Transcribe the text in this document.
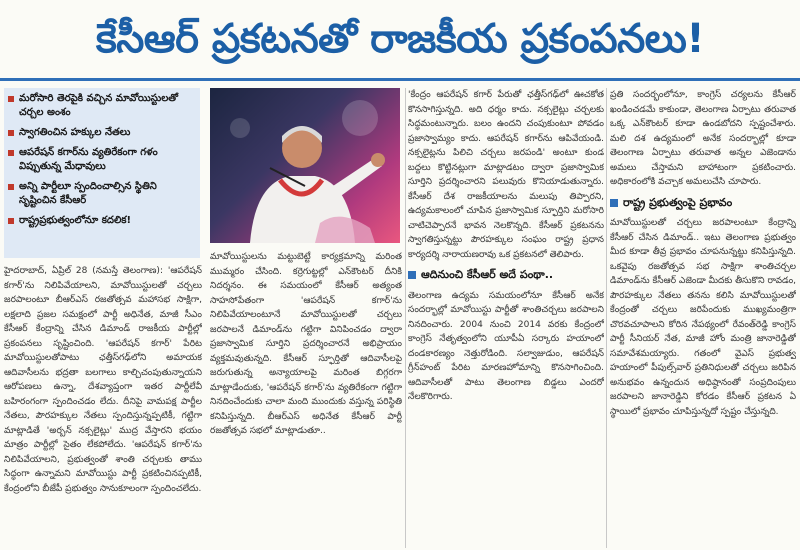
కేసీఆర్ ప్రకటనతో రాజకీయ ప్రకంపనలు!
మరోసారి తెరపైకి వచ్చిన మావోయిస్టులతో చర్చల అంశం
స్వాగతించిన హక్కుల నేతలు
ఆపరేషన్ కగార్‌ను వ్యతిరేకంగా గళం విప్పుతున్న మేధావులు
అన్ని పార్టీలూ స్పందించాల్సిన స్థితిని సృష్టించిన కేసీఆర్
రాష్ట్రప్రభుత్వంలోనూ కదలిక!

హైదరాబాద్, ఏప్రిల్ 28 (నమస్తే తెలంగాణ): 'ఆపరేషన్ కగార్'ను నిలిపివేయాలని, మావోయిస్టులతో చర్చలు జరపాలంటూ బీఆర్ఎస్ రజతోత్సవ మహాసభ సాక్షిగా, లక్షలాది ప్రజల సమక్షంలో పార్టీ అధినేత, మాజీ సీఎం కేసీఆర్ కేంద్రాన్ని చేసిన డిమాండ్ రాజకీయ పార్టీల్లో ప్రకంపనలు సృష్టించింది. 'ఆపరేషన్ కగార్' పేరిట మావోయిస్టులతోపాటు ఛత్తీస్‌గఢ్‌లోని అమాయక ఆదివాసీలను భద్రతా బలగాలు కాల్చిచంపుతున్నాయని ఆరోపణలు ఉన్నా, దేశవ్యాప్తంగా ఇతర పార్టీలేవీ బహిరంగంగా స్పందించడం లేదు. దీనిపై వామపక్ష పార్టీల నేతలు, పౌరహక్కుల నేతలు స్పందిస్తున్నప్పటికీ, గట్టిగా మాట్లాడితే 'అర్బన్ నక్సలైట్లు' ముద్ర వేస్తారని భయం మాత్రం పార్టీల్లో సైతం లేకపోలేదు. 'ఆపరేషన్ కగార్'ను నిలిపివేయాలని, ప్రభుత్వంతో శాంతి చర్చలకు తాము సిద్ధంగా ఉన్నామని మావోయిస్టు పార్టీ ప్రకటించినప్పటికీ, కేంద్రంలోని బీజేపీ ప్రభుత్వం సానుకూలంగా స్పందించలేదు.

మావోయిస్టులను మట్టుబెట్టే కార్యక్రమాన్ని మరింత ముమ్మరం చేసింది. కర్రెగుట్టల్లో ఎన్‌కౌంటర్ దీనికి నిదర్శనం. ఈ సమయంలో కేసీఆర్ అత్యంత సాహసోపేతంగా 'ఆపరేషన్ కగార్'ను నిలిపివేయాలంటూనే మావోయిస్టులతో చర్చలు జరపాలనే డిమాండ్‌ను గట్టిగా వినిపించడం ద్వారా ప్రజాస్వామిక సూర్తిని ప్రదర్శించారనే అభిప్రాయం వ్యక్తమవుతున్నది. కేసీఆర్ స్ఫూర్తితో ఆదివాసీలపై జరుగుతున్న అన్యాయాలపై మరింత బిగ్గరగా మాట్లాడేందుకు, 'ఆపరేషన్ కగార్'ను వ్యతిరేకంగా గట్టిగా నినదించేందుకు చాలా మంది ముందుకు వస్తున్న పరిస్థితి కనిపిస్తున్నది. బీఆర్ఎస్ అధినేత కేసీఆర్ పార్టీ రజతోత్సవ సభలో మాట్లాడుతూ..

'కేంద్రం ఆపరేషన్ కగార్ పేరుతో ఛత్తీస్‌గఢ్‌లో ఊచకోత కొనసాగిస్తున్నది. అది ధర్మం కాదు. నక్సలైట్లు చర్చలకు సిద్ధమంటున్నారు. బలం ఉందని చంపుకుంటూ పోవడం ప్రజాస్వామ్యం కాదు. ఆపరేషన్ కగార్‌ను ఆపివేయండి. నక్సలైట్లను పిలిచి చర్చలు జరపండి' అంటూ కుండ బద్దలు కొట్టినట్లుగా మాట్లాడటం ద్వారా ప్రజాస్వామిక సూర్తిని ప్రదర్శించారని పలువురు కొనియాడుతున్నారు. కేసీఆర్ దేశ రాజకీయాలను మలుపు తిప్పారని, ఉద్యమకాలంలో చూపిన ప్రజాస్వామిక స్ఫూర్తిని మరోసారి చాటిచెప్పారనే భావన నెలకొన్నది. కేసీఆర్ ప్రకటనను స్వాగతిస్తున్నట్టు పౌరహక్కుల సంఘం రాష్ట్ర ప్రధాన కార్యదర్శి నారాయణరావు ఒక ప్రకటనలో తెలిపారు.

ఆదినుంచి కేసీఆర్ అదే పంథా..

తెలంగాణ ఉద్యమ సమయంలోనూ కేసీఆర్ అనేక సందర్భాల్లో మావోయిస్టు పార్టీతో శాంతిచర్చలు జరపాలని నినదించారు. 2004 నుంచి 2014 వరకు కేంద్రంలో కాంగ్రెస్ నేతృత్వంలోని యూపీఏ సర్కారు హయాంలో దండకారణ్యం నెత్తురోడింది. సల్వాజుడుం, ఆపరేషన్ గ్రీన్‌హంట్ పేరిట మారణహోమాన్ని కొనసాగించింది. ఆదివాసీలతో పాటు తెలంగాణ బిడ్డలు ఎందరో నేలకొరిగారు.

ప్రతి సందర్భంలోనూ, కాంగ్రెస్ చర్యలను కేసీఆర్ ఖండించడమే కాకుండా, తెలంగాణ ఏర్పాటు తరువాత ఒక్క ఎన్‌కౌంటర్ కూడా ఉండబోదని స్పష్టంచేశారు. మలి దశ ఉద్యమంలో అనేక సందర్భాల్లో కూడా తెలంగాణ ఏర్పాటు తరువాత అన్నల ఎజెండాను అమలు చేస్తామని బాహాటంగా ప్రకటించారు. అధికారంలోకి వచ్చాక అమలుచేసి చూపారు.

రాష్ట్ర ప్రభుత్వంపై ప్రభావం

మావోయిస్టులతో చర్చలు జరపాలంటూ కేంద్రాన్ని కేసీఆర్ చేసిన డిమాండ్.. ఇటు తెలంగాణ ప్రభుత్వం మీద కూడా తీవ్ర ప్రభావం చూపనున్నట్టు కనిపిస్తున్నది. ఒకవైపు రజతోత్సవ సభ సాక్షిగా శాంతిచర్చల డిమాండ్‌ను కేసీఆర్ ఎజెండా మీదకు తీసుకొని రావడం, పౌరహక్కుల నేతలు తనను కలిసి మావోయిస్టులతో కేంద్రంతో చర్చలు జరిపేందుకు ముఖ్యమంత్రిగా చొరవచూపాలని కోరిన నేపథ్యంలో రేవంత్‌రెడ్డి కాంగ్రెస్ పార్టీ సీనియర్ నేత, మాజీ హోం మంత్రి జానారెడ్డితో సమావేశమయ్యారు. గతంలో వైఎస్ ప్రభుత్వ హయాంలో పీపుల్స్‌వార్ ప్రతినిధులతో చర్చలు జరిపిన అనుభవం ఉన్నందున అధిష్ఠానంతో సంప్రదింపులు జరపాలని జానారెడ్డిని కోరడం కేసీఆర్ ప్రకటన ఏ స్థాయిలో ప్రభావం చూపిస్తున్నదో స్పష్టం చేస్తున్నది.
